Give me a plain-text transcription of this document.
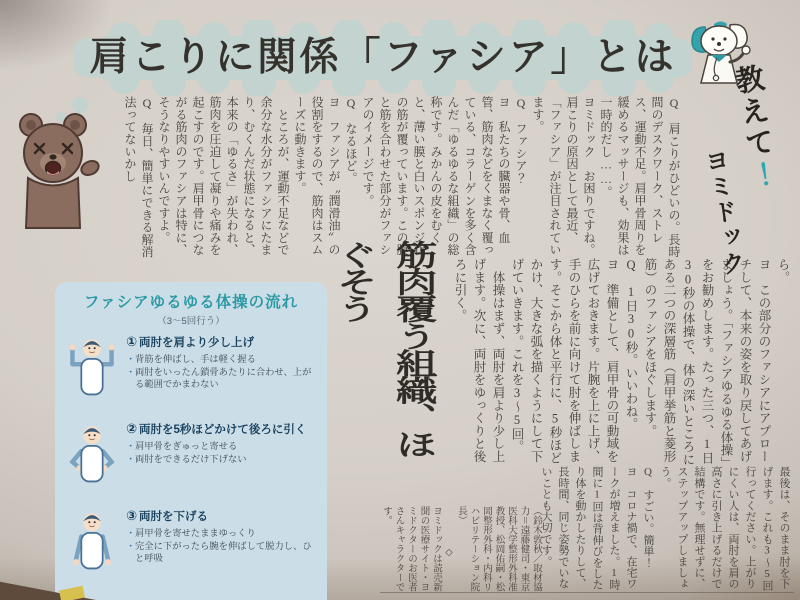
肩こりに関係「ファシア」とは
教えて！
ヨミドック

Q　肩こりがひどいの。長時間のデスクワーク、ストレス、運動不足。肩甲骨周りを緩めるマッサージも、効果は一時的だし……。

ヨミドック　お困りですね。肩こりの原因として最近、「ファシア」が注目されています。

Q　ファシア？

ヨ　私たちの臓器や骨、血管、筋肉などをくまなく覆っている、コラーゲンを多く含んだ「ゆるゆるな組織」の総称です。みかんの皮をむくと、薄い膜と白いスポンジ状の筋が覆っています。この膜と筋を合わせた部分がファシアのイメージです。

Q　なるほど。

ヨ　ファシアが〝潤滑油〟の役割をするので、筋肉はスムーズに動きます。

　ところが、運動不足などで余分な水分がファシアにたまり、むくんだ状態になると、本来の「ゆるさ」が失われ、筋肉を圧迫して凝りや痛みを起こすのです。肩甲骨につながる筋肉のファシアは特に、そうなりやすいんですよ。

Q　毎日、簡単にできる解消法ってないかし

ら。

ヨ　この部分のファシアにアプローチして、本来の姿を取り戻してあげましょう。「ファシアゆるゆる体操」をお勧めします。たった三つ、1日30秒の体操で、体の深いところにある二つの深層筋（肩甲挙筋と菱形筋）のファシアをほぐします。

Q　1日30秒。いいわね。

ヨ　準備として、肩甲骨の可動域を広げておきます。片腕を上に上げ、手のひらを前に向けて肘を伸ばします。そこから体と平行に、5秒ほどかけ、大きな弧を描くようにして下げていきます。これを3～5回。

　体操はまず、両肘を肩より少し上げます。次に、両肘をゆっくりと後ろに引く。

最後は、そのまま肘を下げます。これも3～5回行ってください。上がりにくい人は、両肘を肩の高さに引き上げるだけで結構です。無理せずに、ステップアップしましょう。

Q　すごい。簡単！

ヨ　コロナ禍で、在宅ワークが増えました。1時間に1回は背伸びをしたり体を動かしたりして、長時間、同じ姿勢でいないことも大切です。

（鈴木敦秋／取材協力＝遠藤健司・東京医科大学整形外科准教授、松岡佑嗣・松岡整形外科・内科リハビリテーション院長）

◇

ヨミドックは読売新聞の医療サイト・ヨミドクターのお医者さんキャラクターです。

筋肉覆う組織、ほぐそう
ファシアゆるゆる体操の流れ
（3～5回行う）
① 両肘を肩より少し上げ
・ 背筋を伸ばし、手は軽く握る
・ 両肘をいったん鎖骨あたりに合わせ、上がる範囲でかまわない
② 両肘を5秒ほどかけて後ろに引く
・ 肩甲骨をぎゅっと寄せる
・ 両肘をできるだけ下げない
③ 両肘を下げる
・ 肩甲骨を寄せたままゆっくり
・ 完全に下がったら腕を伸ばして脱力し、ひと呼吸
